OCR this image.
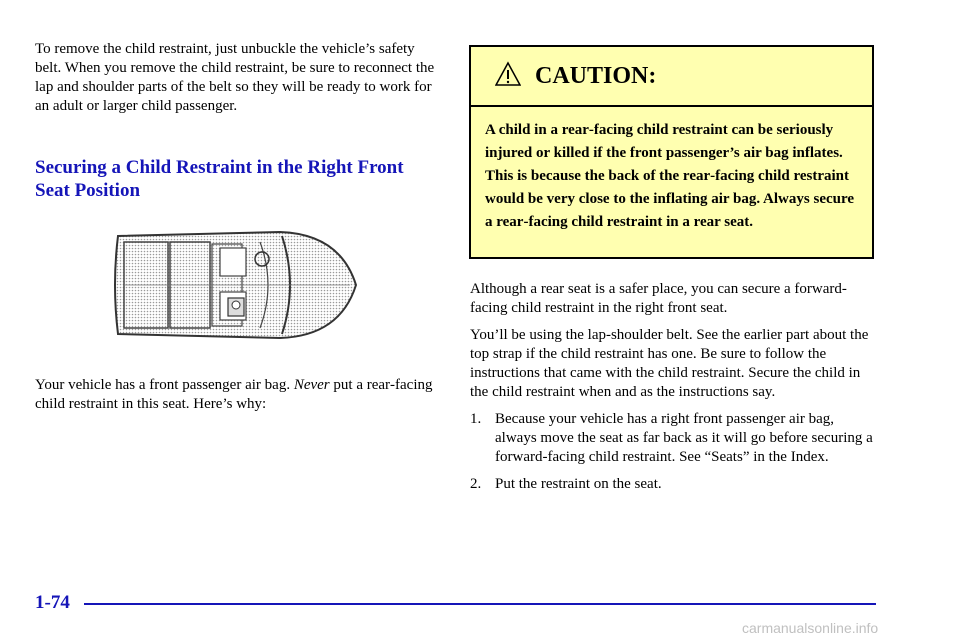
To remove the child restraint, just unbuckle the vehicle’s safety belt. When you remove the child restraint, be sure to reconnect the lap and shoulder parts of the belt so they will be ready to work for an adult or larger child passenger.

Securing a Child Restraint in the Right Front Seat Position

Your vehicle has a front passenger air bag. Never put a rear‐facing child restraint in this seat. Here’s why:

CAUTION:

A child in a rear‐facing child restraint can be seriously injured or killed if the front passenger’s air bag inflates. This is because the back of the rear‐facing child restraint would be very close to the inflating air bag. Always secure a rear‐facing child restraint in a rear seat.

Although a rear seat is a safer place, you can secure a forward‐facing child restraint in the right front seat.

You’ll be using the lap‐shoulder belt. See the earlier part about the top strap if the child restraint has one. Be sure to follow the instructions that came with the child restraint. Secure the child in the child restraint when and as the instructions say.

1. Because your vehicle has a right front passenger air bag, always move the seat as far back as it will go before securing a forward‐facing child restraint. See “Seats” in the Index.
2. Put the restraint on the seat.
1-74
carmanualsonline.info
